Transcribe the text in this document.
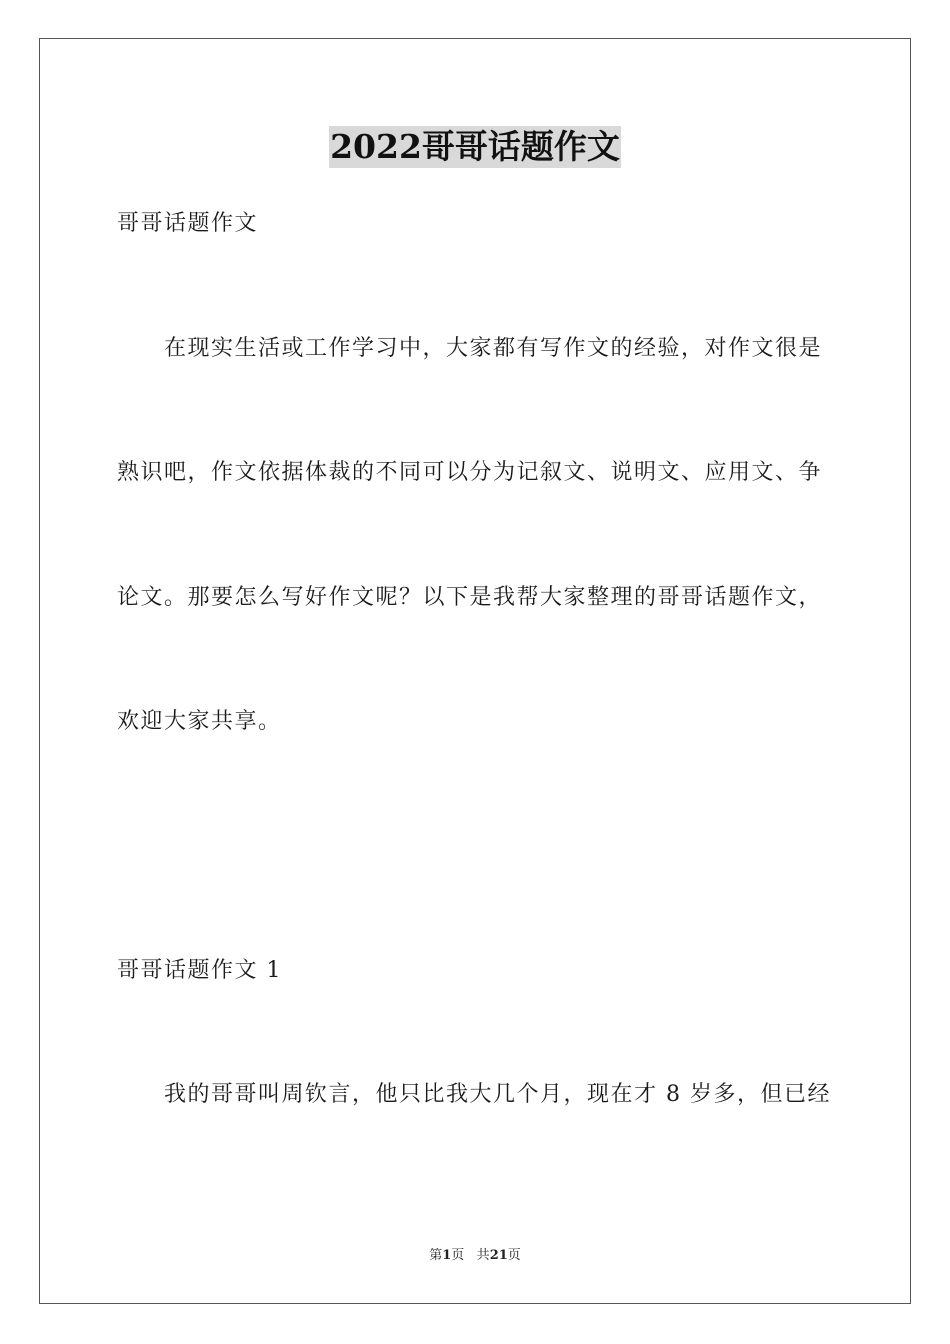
2022哥哥话题作文
哥哥话题作文
在现实生活或工作学习中，大家都有写作文的经验，对作文很是
熟识吧，作文依据体裁的不同可以分为记叙文、说明文、应用文、争
论文。那要怎么写好作文呢？以下是我帮大家整理的哥哥话题作文，
欢迎大家共享。
哥哥话题作文 1
我的哥哥叫周钦言，他只比我大几个月，现在才 8 岁多，但已经
第1页 共21页
